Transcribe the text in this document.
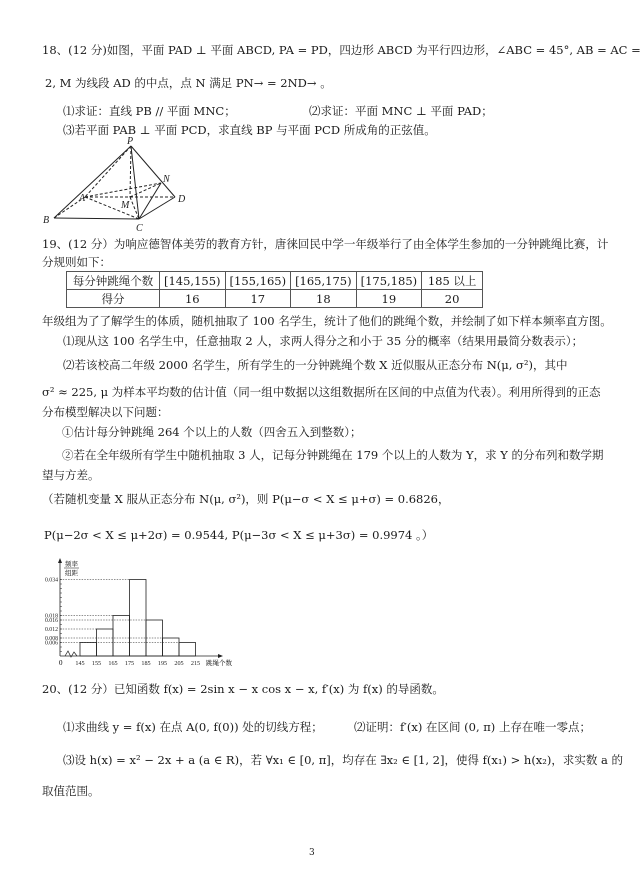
18、(12 分)如图，平面 PAD ⊥ 平面 ABCD, PA = PD，四边形 ABCD 为平行四边形，∠ABC = 45°, AB = AC =
2, M 为线段 AD 的中点，点 N 满足 PN→ = 2ND→ 。
⑴求证：直线 PB // 平面 MNC；	⑵求证：平面 MNC ⊥ 平面 PAD；
⑶若平面 PAB ⊥ 平面 PCD，求直线 BP 与平面 PCD 所成角的正弦值。
P
A
B
C
D
M
N
19、(12 分）为响应德智体美劳的教育方针，唐徕回民中学一年级举行了由全体学生参加的一分钟跳绳比赛，计
分规则如下：
每分钟跳绳个数	[145,155)	[155,165)	[165,175)	[175,185)	185 以上
得分	16	17	18	19	20
年级组为了了解学生的体质，随机抽取了 100 名学生，统计了他们的跳绳个数，并绘制了如下样本频率直方图。
⑴现从这 100 名学生中，任意抽取 2 人，求两人得分之和小于 35 分的概率（结果用最简分数表示）；
⑵若该校高二年级 2000 名学生，所有学生的一分钟跳绳个数 X 近似服从正态分布 N(μ, σ²)，其中
σ² ≈ 225, μ 为样本平均数的估计值（同一组中数据以这组数据所在区间的中点值为代表）。利用所得到的正态
分布模型解决以下问题：
①估计每分钟跳绳 264 个以上的人数（四舍五入到整数）；
②若在全年级所有学生中随机抽取 3 人，记每分钟跳绳在 179 个以上的人数为 Y，求 Y 的分布列和数学期
望与方差。
（若随机变量 X 服从正态分布 N(μ, σ²)，则 P(μ−σ < X ≤ μ+σ) = 0.6826，
P(μ−2σ < X ≤ μ+2σ) = 0.9544, P(μ−3σ < X ≤ μ+3σ) = 0.9974 。）
频率
组距
0	跳绳个数
0.034
0.018
0.016
0.012
0.008
0.006
145 155 165 175 185 195 205 215
20、(12 分）已知函数 f(x) = 2sin x − x cos x − x, f′(x) 为 f(x) 的导函数。
⑴求曲线 y = f(x) 在点 A(0, f(0)) 处的切线方程；	⑵证明：f′(x) 在区间 (0, π) 上存在唯一零点；
⑶设 h(x) = x² − 2x + a (a ∈ R)，若 ∀x₁ ∈ [0, π]，均存在 ∃x₂ ∈ [1, 2]，使得 f(x₁) > h(x₂)，求实数 a 的
取值范围。
3
